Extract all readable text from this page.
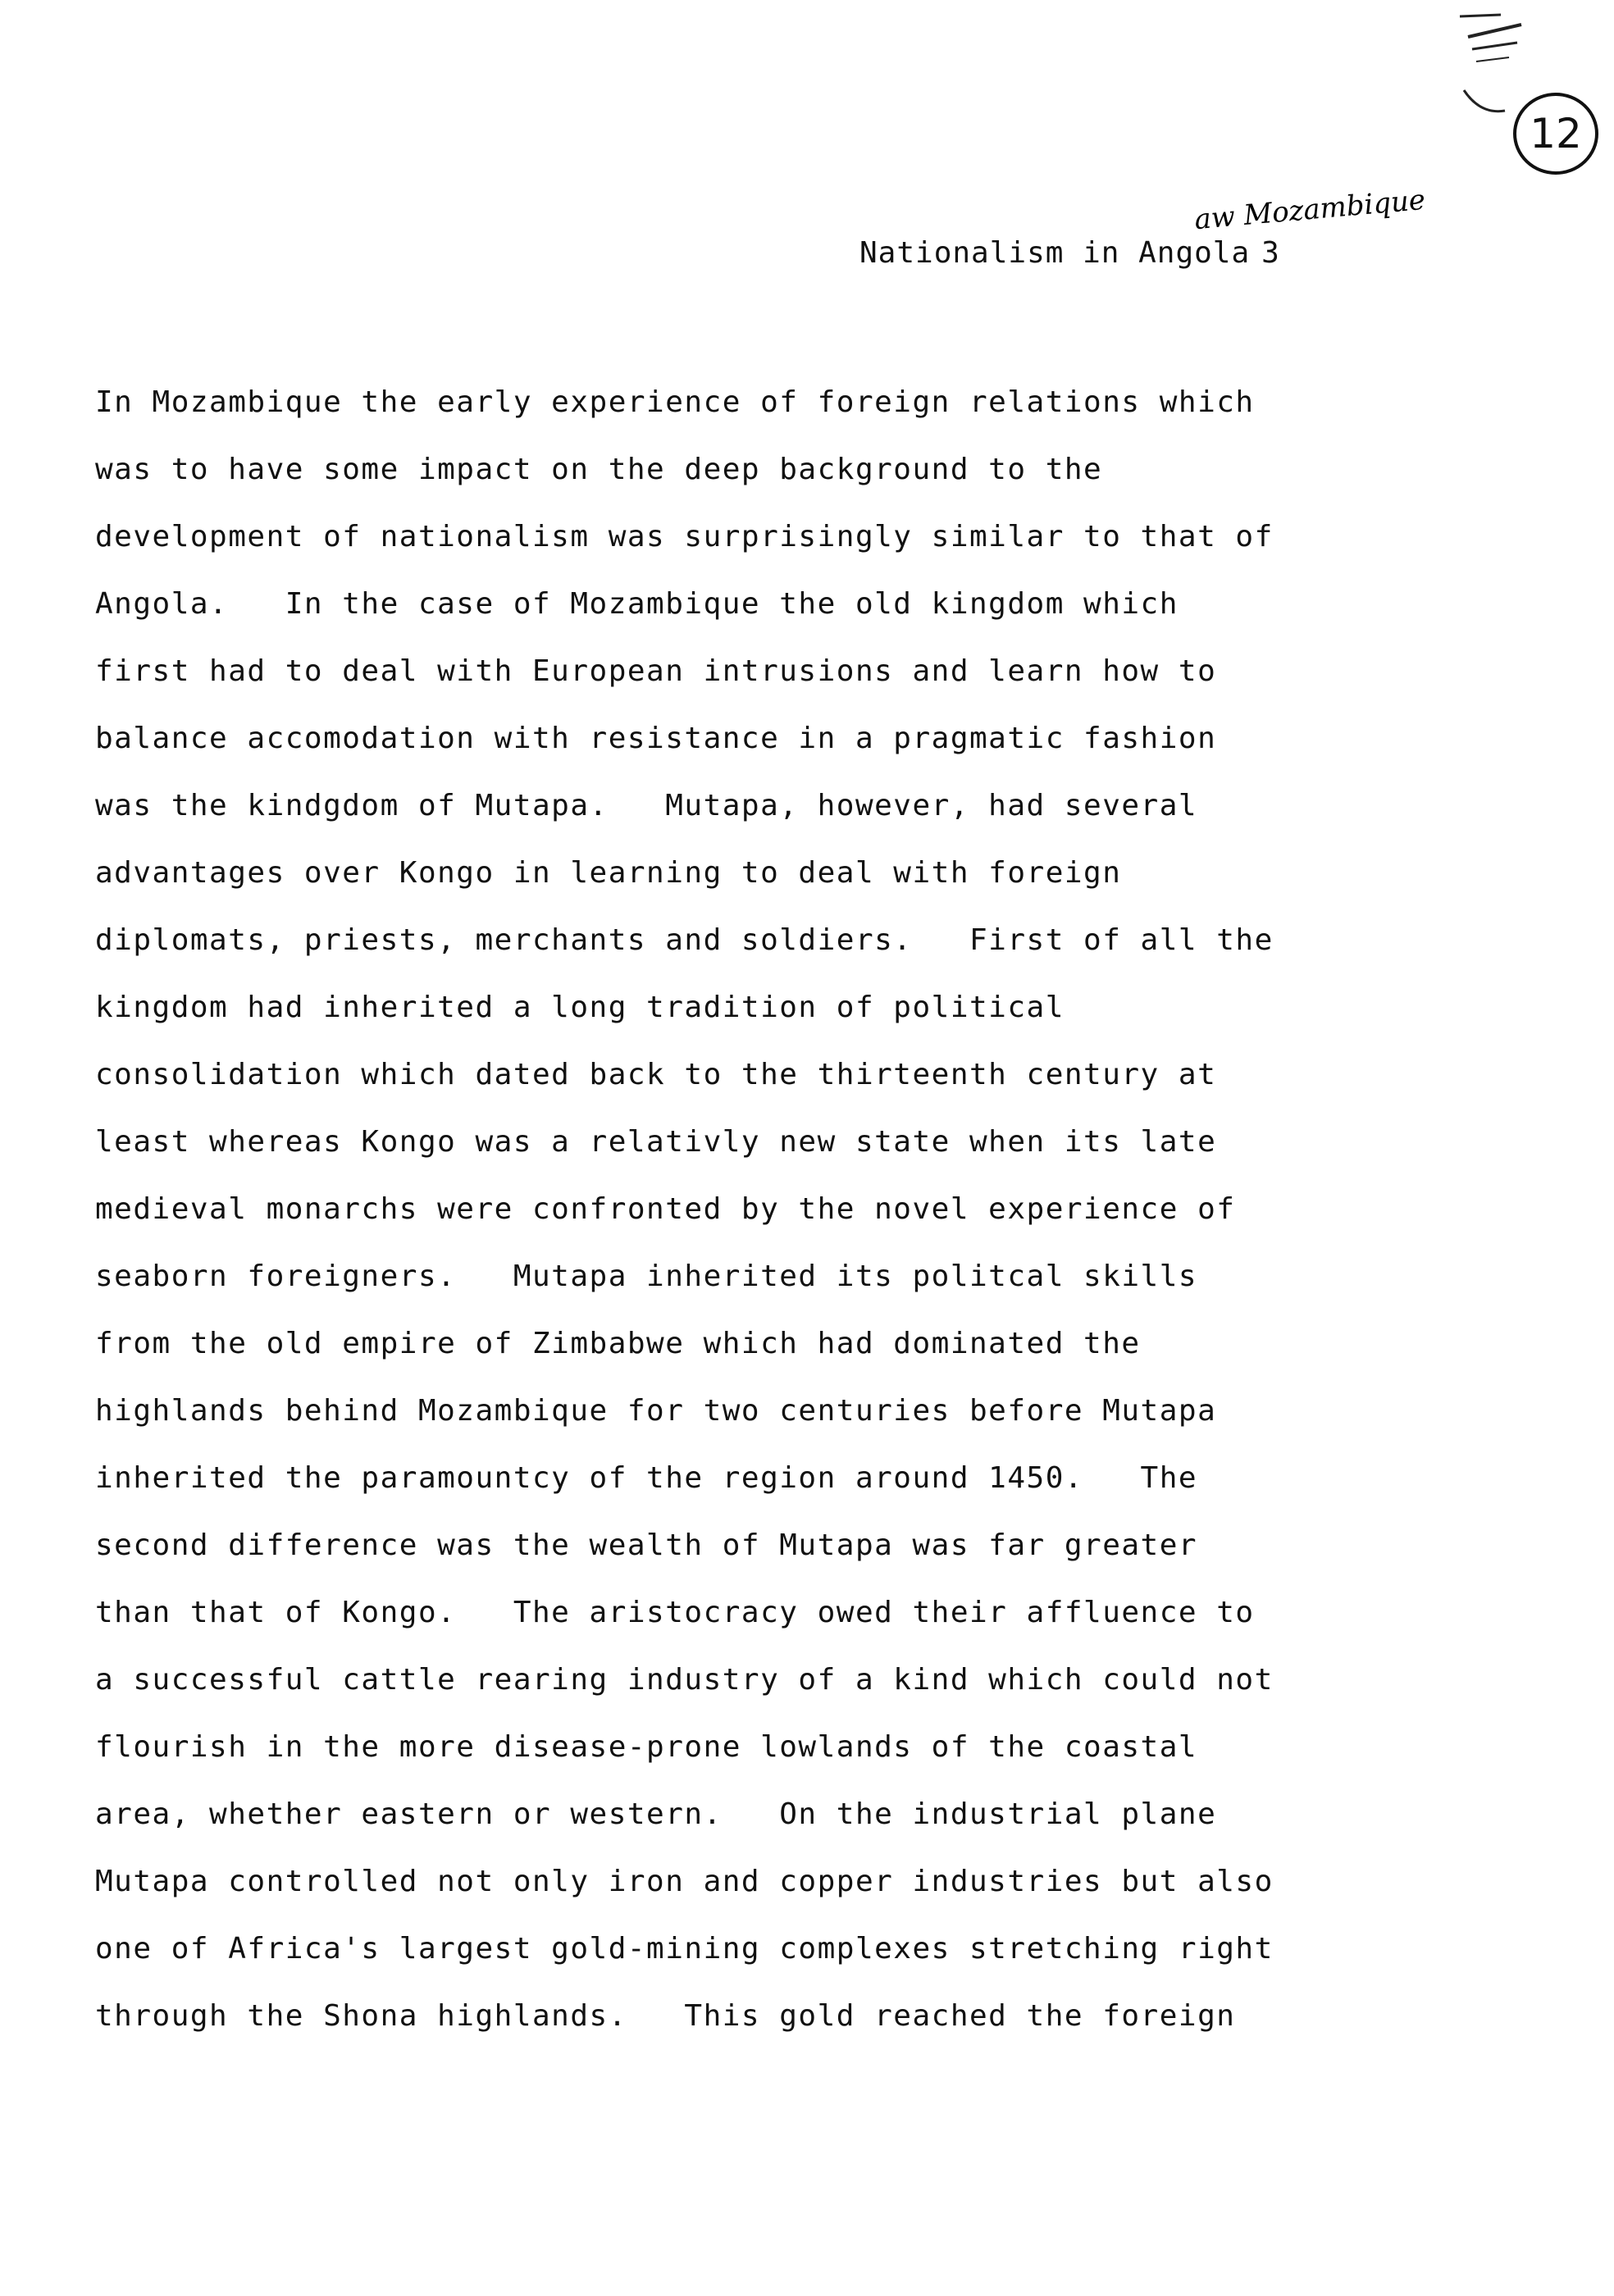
12
aw Mozambique
Nationalism in Angola 3
In Mozambique the early experience of foreign relations which
was to have some impact on the deep background to the
development of nationalism was surprisingly similar to that of
Angola.   In the case of Mozambique the old kingdom which
first had to deal with European intrusions and learn how to
balance accomodation with resistance in a pragmatic fashion
was the kindgdom of Mutapa.   Mutapa, however, had several
advantages over Kongo in learning to deal with foreign
diplomats, priests, merchants and soldiers.   First of all the
kingdom had inherited a long tradition of political
consolidation which dated back to the thirteenth century at
least whereas Kongo was a relativly new state when its late
medieval monarchs were confronted by the novel experience of
seaborn foreigners.   Mutapa inherited its politcal skills
from the old empire of Zimbabwe which had dominated the
highlands behind Mozambique for two centuries before Mutapa
inherited the paramountcy of the region around 1450.   The
second difference was the wealth of Mutapa was far greater
than that of Kongo.   The aristocracy owed their affluence to
a successful cattle rearing industry of a kind which could not
flourish in the more disease-prone lowlands of the coastal
area, whether eastern or western.   On the industrial plane
Mutapa controlled not only iron and copper industries but also
one of Africa's largest gold-mining complexes stretching right
through the Shona highlands.   This gold reached the foreign
